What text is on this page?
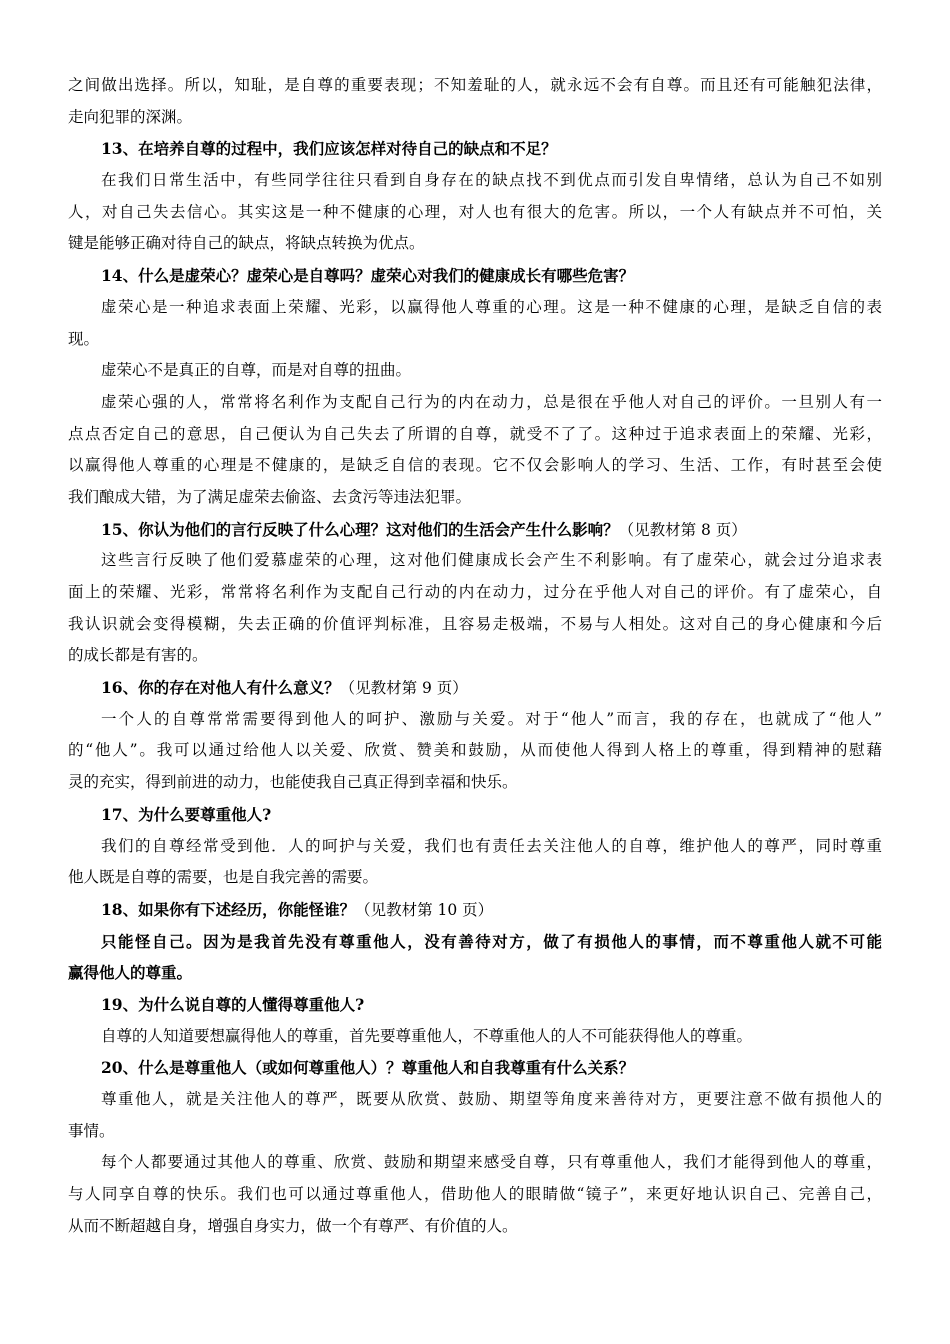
之间做出选择。所以，知耻，是自尊的重要表现；不知羞耻的人，就永远不会有自尊。而且还有可能触犯法律，
走向犯罪的深渊。
13、在培养自尊的过程中，我们应该怎样对待自己的缺点和不足？
在我们日常生活中，有些同学往往只看到自身存在的缺点找不到优点而引发自卑情绪，总认为自己不如别
人，对自己失去信心。其实这是一种不健康的心理，对人也有很大的危害。所以，一个人有缺点并不可怕，关
键是能够正确对待自己的缺点，将缺点转换为优点。
14、什么是虚荣心？虚荣心是自尊吗？虚荣心对我们的健康成长有哪些危害？
虚荣心是一种追求表面上荣耀、光彩，以赢得他人尊重的心理。这是一种不健康的心理，是缺乏自信的表
现。
虚荣心不是真正的自尊，而是对自尊的扭曲。
虚荣心强的人，常常将名利作为支配自己行为的内在动力，总是很在乎他人对自己的评价。一旦别人有一
点点否定自己的意思，自己便认为自己失去了所谓的自尊，就受不了了。这种过于追求表面上的荣耀、光彩，
以赢得他人尊重的心理是不健康的，是缺乏自信的表现。它不仅会影响人的学习、生活、工作，有时甚至会使
我们酿成大错，为了满足虚荣去偷盗、去贪污等违法犯罪。
15、你认为他们的言行反映了什么心理？这对他们的生活会产生什么影响？（见教材第 8 页）
这些言行反映了他们爱慕虚荣的心理，这对他们健康成长会产生不利影响。有了虚荣心，就会过分追求表
面上的荣耀、光彩，常常将名利作为支配自己行动的内在动力，过分在乎他人对自己的评价。有了虚荣心，自
我认识就会变得模糊，失去正确的价值评判标准，且容易走极端，不易与人相处。这对自己的身心健康和今后
的成长都是有害的。
16、你的存在对他人有什么意义？（见教材第 9 页）
一个人的自尊常常需要得到他人的呵护、激励与关爱。对于“他人”而言，我的存在，也就成了“他人”
的“他人”。我可以通过给他人以关爱、欣赏、赞美和鼓励，从而使他人得到人格上的尊重，得到精神的慰藉
灵的充实，得到前进的动力，也能使我自己真正得到幸福和快乐。
17、为什么要尊重他人?
我们的自尊经常受到他．人的呵护与关爱，我们也有责任去关注他人的自尊，维护他人的尊严，同时尊重
他人既是自尊的需要，也是自我完善的需要。
18、如果你有下述经历，你能怪谁？（见教材第 10 页）
只能怪自己。因为是我首先没有尊重他人，没有善待对方，做了有损他人的事情，而不尊重他人就不可能
赢得他人的尊重。
19、为什么说自尊的人懂得尊重他人?
自尊的人知道要想赢得他人的尊重，首先要尊重他人，不尊重他人的人不可能获得他人的尊重。
20、什么是尊重他人（或如何尊重他人）？尊重他人和自我尊重有什么关系？
尊重他人，就是关注他人的尊严，既要从欣赏、鼓励、期望等角度来善待对方，更要注意不做有损他人的
事情。
每个人都要通过其他人的尊重、欣赏、鼓励和期望来感受自尊，只有尊重他人，我们才能得到他人的尊重，
与人同享自尊的快乐。我们也可以通过尊重他人，借助他人的眼睛做“镜子”，来更好地认识自己、完善自己，
从而不断超越自身，增强自身实力，做一个有尊严、有价值的人。
